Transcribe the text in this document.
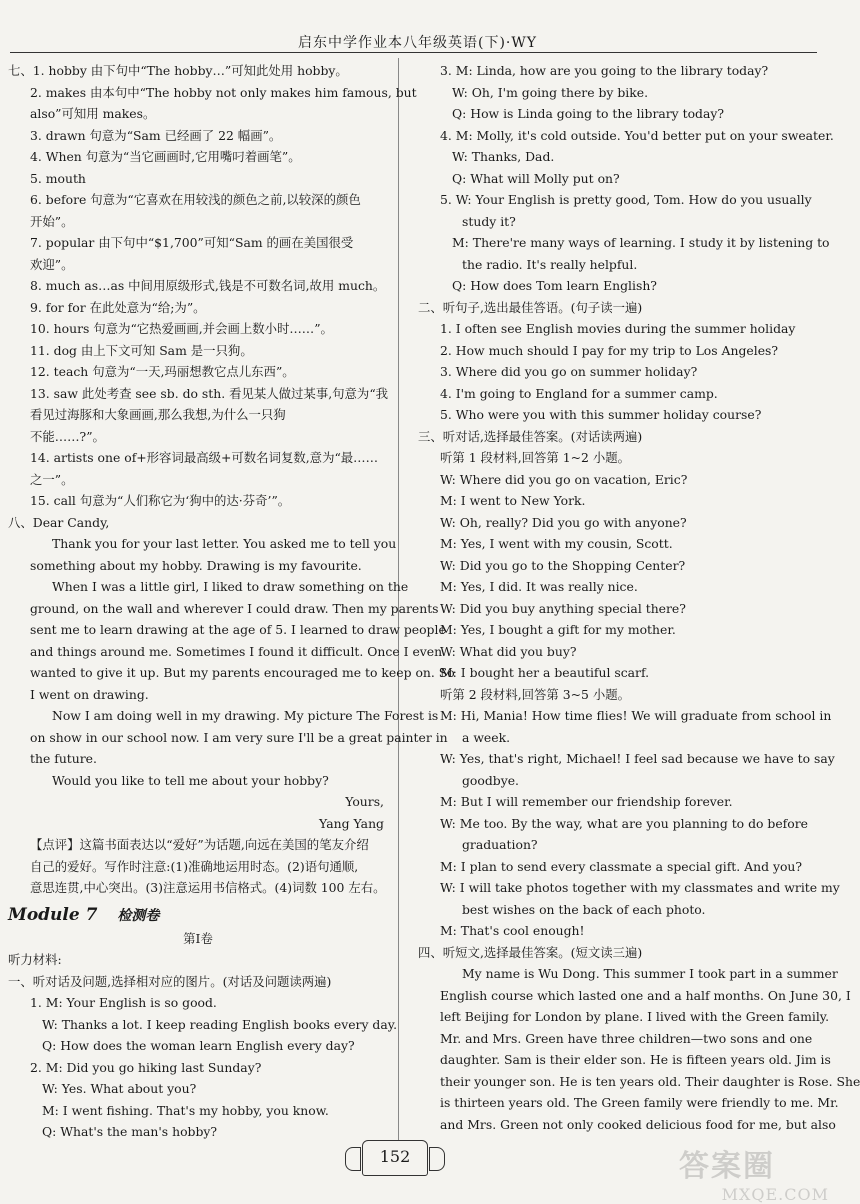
启东中学作业本八年级英语(下)·WY
七、1. hobby 由下句中“The hobby…”可知此处用 hobby。
2. makes 由本句中“The hobby not only makes him famous, but
also”可知用 makes。
3. drawn 句意为“Sam 已经画了 22 幅画”。
4. When 句意为“当它画画时,它用嘴叼着画笔”。
5. mouth
6. before 句意为“它喜欢在用较浅的颜色之前,以较深的颜色
开始”。
7. popular 由下句中“$1,700”可知“Sam 的画在美国很受
欢迎”。
8. much as…as 中间用原级形式,钱是不可数名词,故用 much。
9. for for 在此处意为“给;为”。
10. hours 句意为“它热爱画画,并会画上数小时……”。
11. dog 由上下文可知 Sam 是一只狗。
12. teach 句意为“一天,玛丽想教它点儿东西”。
13. saw 此处考查 see sb. do sth. 看见某人做过某事,句意为“我
看见过海豚和大象画画,那么我想,为什么一只狗
不能……?”。
14. artists one of+形容词最高级+可数名词复数,意为“最……
之一”。
15. call 句意为“人们称它为‘狗中的达·芬奇’”。
八、Dear Candy,
Thank you for your last letter. You asked me to tell you
something about my hobby. Drawing is my favourite.
When I was a little girl, I liked to draw something on the
ground, on the wall and wherever I could draw. Then my parents
sent me to learn drawing at the age of 5. I learned to draw people
and things around me. Sometimes I found it difficult. Once I even
wanted to give it up. But my parents encouraged me to keep on. So
I went on drawing.
Now I am doing well in my drawing. My picture The Forest is
on show in our school now. I am very sure I'll be a great painter in
the future.
Would you like to tell me about your hobby?
Yours,
Yang Yang
【点评】这篇书面表达以“爱好”为话题,向远在美国的笔友介绍
自己的爱好。写作时注意:(1)准确地运用时态。(2)语句通顺,
意思连贯,中心突出。(3)注意运用书信格式。(4)词数 100 左右。
Module 7 检测卷
第Ⅰ卷
听力材料:
一、听对话及问题,选择相对应的图片。(对话及问题读两遍)
1. M: Your English is so good.
W: Thanks a lot. I keep reading English books every day.
Q: How does the woman learn English every day?
2. M: Did you go hiking last Sunday?
W: Yes. What about you?
M: I went fishing. That's my hobby, you know.
Q: What's the man's hobby?
3. M: Linda, how are you going to the library today?
W: Oh, I'm going there by bike.
Q: How is Linda going to the library today?
4. M: Molly, it's cold outside. You'd better put on your sweater.
W: Thanks, Dad.
Q: What will Molly put on?
5. W: Your English is pretty good, Tom. How do you usually
study it?
M: There're many ways of learning. I study it by listening to
the radio. It's really helpful.
Q: How does Tom learn English?
二、听句子,选出最佳答语。(句子读一遍)
1. I often see English movies during the summer holiday
2. How much should I pay for my trip to Los Angeles?
3. Where did you go on summer holiday?
4. I'm going to England for a summer camp.
5. Who were you with this summer holiday course?
三、听对话,选择最佳答案。(对话读两遍)
听第 1 段材料,回答第 1~2 小题。
W: Where did you go on vacation, Eric?
M: I went to New York.
W: Oh, really? Did you go with anyone?
M: Yes, I went with my cousin, Scott.
W: Did you go to the Shopping Center?
M: Yes, I did. It was really nice.
W: Did you buy anything special there?
M: Yes, I bought a gift for my mother.
W: What did you buy?
M: I bought her a beautiful scarf.
听第 2 段材料,回答第 3~5 小题。
M: Hi, Mania! How time flies! We will graduate from school in
a week.
W: Yes, that's right, Michael! I feel sad because we have to say
goodbye.
M: But I will remember our friendship forever.
W: Me too. By the way, what are you planning to do before
graduation?
M: I plan to send every classmate a special gift. And you?
W: I will take photos together with my classmates and write my
best wishes on the back of each photo.
M: That's cool enough!
四、听短文,选择最佳答案。(短文读三遍)
My name is Wu Dong. This summer I took part in a summer
English course which lasted one and a half months. On June 30, I
left Beijing for London by plane. I lived with the Green family.
Mr. and Mrs. Green have three children—two sons and one
daughter. Sam is their elder son. He is fifteen years old. Jim is
their younger son. He is ten years old. Their daughter is Rose. She
is thirteen years old. The Green family were friendly to me. Mr.
and Mrs. Green not only cooked delicious food for me, but also
152	答案圈
MXQE.COM
